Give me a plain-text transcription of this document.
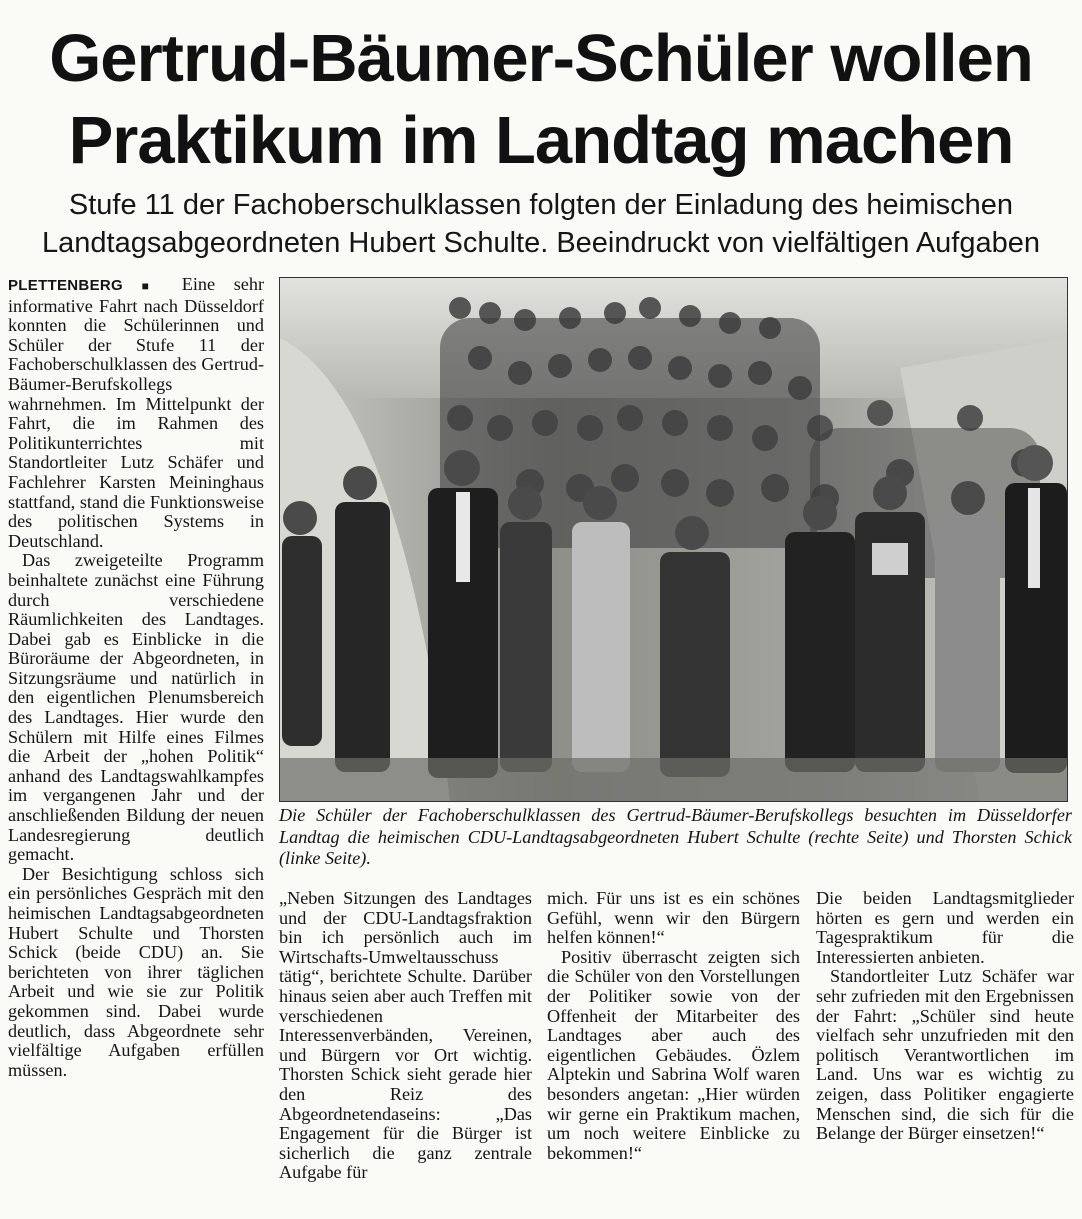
Gertrud-Bäumer-Schüler wollen
Praktikum im Landtag machen
Stufe 11 der Fachoberschulklassen folgten der Einladung des heimischen
Landtagsabgeordneten Hubert Schulte. Beeindruckt von vielfältigen Aufgaben

PLETTENBERG ■ Eine sehr informative Fahrt nach Düsseldorf konnten die Schülerinnen und Schüler der Stufe 11 der Fachoberschulklassen des Gertrud-Bäumer-Berufskollegs wahrnehmen. Im Mittelpunkt der Fahrt, die im Rahmen des Politikunterrichtes mit Standortleiter Lutz Schäfer und Fachlehrer Karsten Meininghaus stattfand, stand die Funktionsweise des politischen Systems in Deutschland.

Das zweigeteilte Programm beinhaltete zunächst eine Führung durch verschiedene Räumlichkeiten des Landtages. Dabei gab es Einblicke in die Büroräume der Abgeordneten, in Sitzungsräume und natürlich in den eigentlichen Plenumsbereich des Landtages. Hier wurde den Schülern mit Hilfe eines Filmes die Arbeit der „hohen Politik“ anhand des Landtagswahlkampfes im vergangenen Jahr und der anschließenden Bildung der neuen Landesregierung deutlich gemacht.

Der Besichtigung schloss sich ein persönliches Gespräch mit den heimischen Landtagsabgeordneten Hubert Schulte und Thorsten Schick (beide CDU) an. Sie berichteten von ihrer täglichen Arbeit und wie sie zur Politik gekommen sind. Dabei wurde deutlich, dass Abgeordnete sehr vielfältige Aufgaben erfüllen müssen.

Die Schüler der Fachoberschulklassen des Gertrud-Bäumer-Berufskollegs besuchten im Düsseldorfer Landtag die heimischen CDU-Landtagsabgeordneten Hubert Schulte (rechte Seite) und Thorsten Schick (linke Seite).

„Neben Sitzungen des Landtages und der CDU-Landtagsfraktion bin ich persönlich auch im Wirtschafts-Umweltausschuss tätig“, berichtete Schulte. Darüber hinaus seien aber auch Treffen mit verschiedenen Interessenverbänden, Vereinen, und Bürgern vor Ort wichtig. Thorsten Schick sieht gerade hier den Reiz des Abgeordnetendaseins: „Das Engagement für die Bürger ist sicherlich die ganz zentrale Aufgabe für

mich. Für uns ist es ein schönes Gefühl, wenn wir den Bürgern helfen können!“

Positiv überrascht zeigten sich die Schüler von den Vorstellungen der Politiker sowie von der Offenheit der Mitarbeiter des Landtages aber auch des eigentlichen Gebäudes. Özlem Alptekin und Sabrina Wolf waren besonders angetan: „Hier würden wir gerne ein Praktikum machen, um noch weitere Einblicke zu bekommen!“

Die beiden Landtagsmitglieder hörten es gern und werden ein Tagespraktikum für die Interessierten anbieten.

Standortleiter Lutz Schäfer war sehr zufrieden mit den Ergebnissen der Fahrt: „Schüler sind heute vielfach sehr unzufrieden mit den politisch Verantwortlichen im Land. Uns war es wichtig zu zeigen, dass Politiker engagierte Menschen sind, die sich für die Belange der Bürger einsetzen!“
